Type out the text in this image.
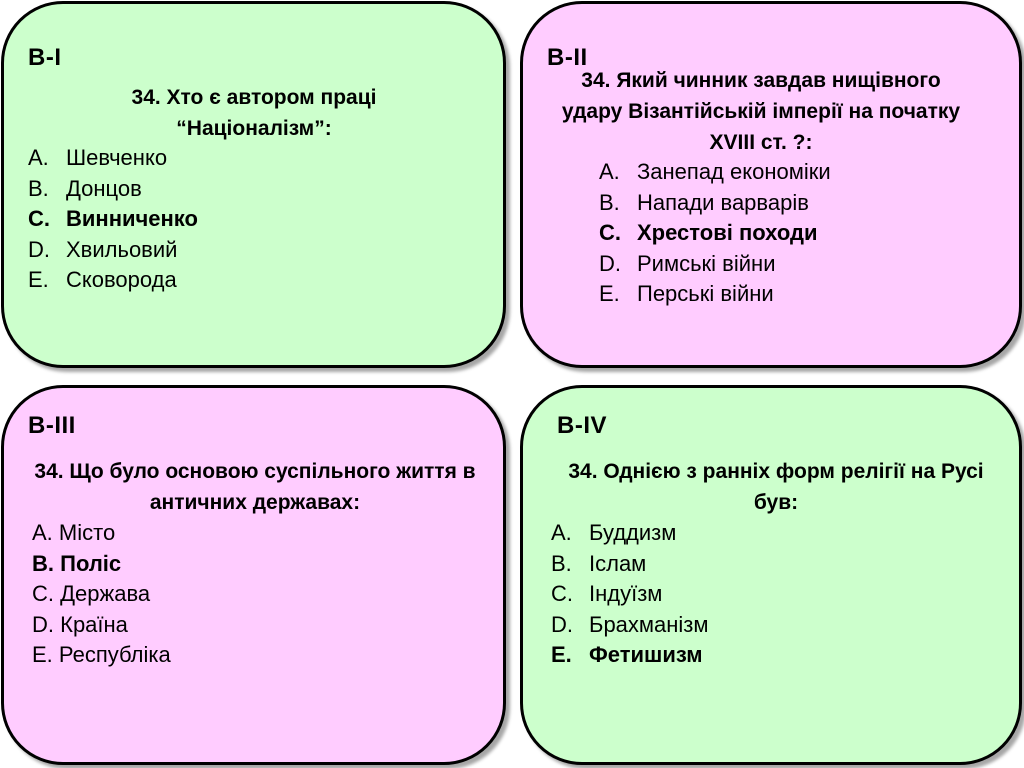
В-І
34. Хто є автором праці “Націоналізм”:
А. Шевченко
В. Донцов
С. Винниченко
D. Хвильовий
Е. Сковорода
В-ІІ
34. Який чинник завдав нищівного удару Візантійській імперії на початку XVIII ст. ?:
А. Занепад економіки
В. Напади варварів
С. Хрестові походи
D. Римські війни
Е. Перські війни
В-ІІІ
34. Що було основою суспільного життя в античних державах:
А. Місто
В. Поліс
С. Держава
D. Країна
Е. Республіка
В-ІV
34. Однією з ранніх форм релігії на Русі був:
А. Буддизм
В. Іслам
С. Індуїзм
D. Брахманізм
Е. Фетишизм
